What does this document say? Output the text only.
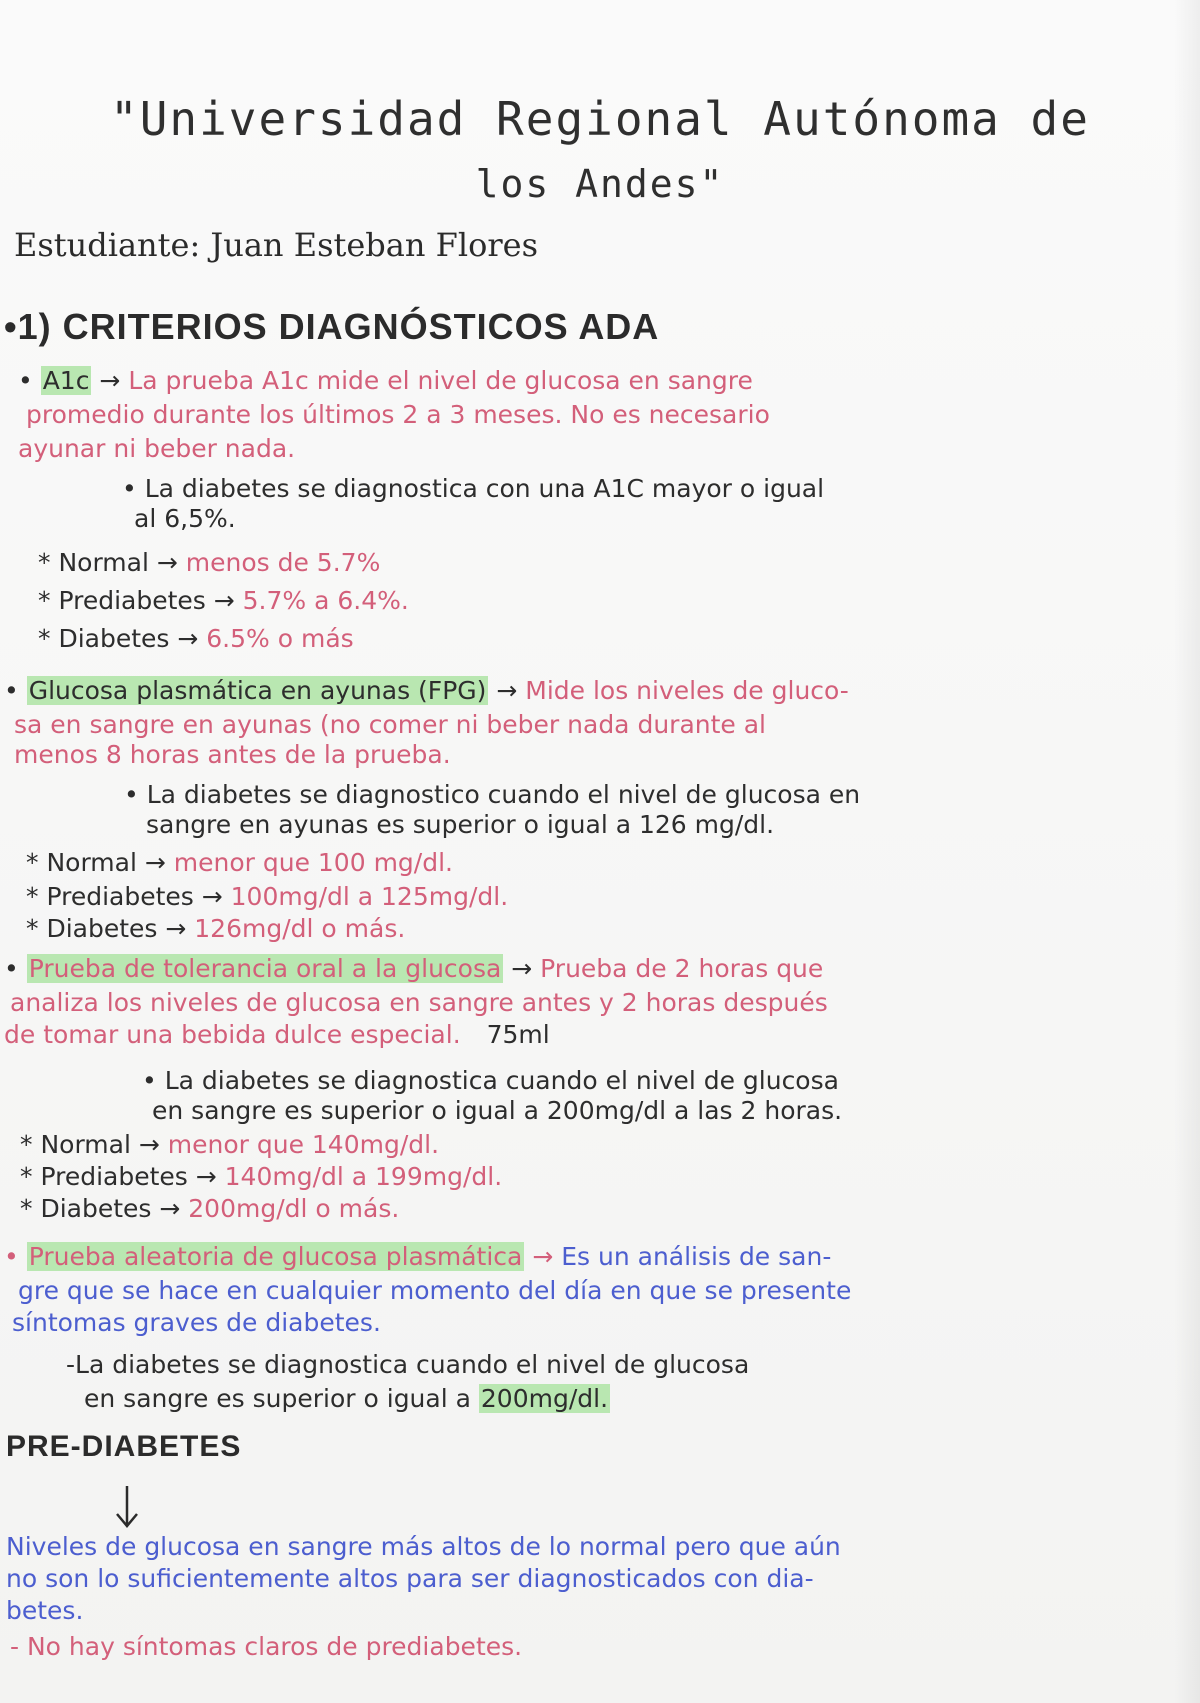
"Universidad Regional Autónoma de
los Andes"
Estudiante: Juan Esteban Flores
•1) CRITERIOS DIAGNÓSTICOS ADA
• A1c → La prueba A1c mide el nivel de glucosa en sangre
promedio durante los últimos 2 a 3 meses. No es necesario
ayunar ni beber nada.
• La diabetes se diagnostica con una A1C mayor o igual
al 6,5%.
* Normal → menos de 5.7%
* Prediabetes → 5.7% a 6.4%.
* Diabetes → 6.5% o más
• Glucosa plasmática en ayunas (FPG) → Mide los niveles de gluco-
sa en sangre en ayunas (no comer ni beber nada durante al
menos 8 horas antes de la prueba.
• La diabetes se diagnostico cuando el nivel de glucosa en
sangre en ayunas es superior o igual a 126 mg/dl.
* Normal → menor que 100 mg/dl.
* Prediabetes → 100mg/dl a 125mg/dl.
* Diabetes → 126mg/dl o más.
• Prueba de tolerancia oral a la glucosa → Prueba de 2 horas que
analiza los niveles de glucosa en sangre antes y 2 horas después
de tomar una bebida dulce especial. 75ml
• La diabetes se diagnostica cuando el nivel de glucosa
en sangre es superior o igual a 200mg/dl a las 2 horas.
* Normal → menor que 140mg/dl.
* Prediabetes → 140mg/dl a 199mg/dl.
* Diabetes → 200mg/dl o más.
• Prueba aleatoria de glucosa plasmática → Es un análisis de san-
gre que se hace en cualquier momento del día en que se presente
síntomas graves de diabetes.
-La diabetes se diagnostica cuando el nivel de glucosa
en sangre es superior o igual a 200mg/dl.
PRE-DIABETES
Niveles de glucosa en sangre más altos de lo normal pero que aún
no son lo suficientemente altos para ser diagnosticados con dia-
betes.
- No hay síntomas claros de prediabetes.
